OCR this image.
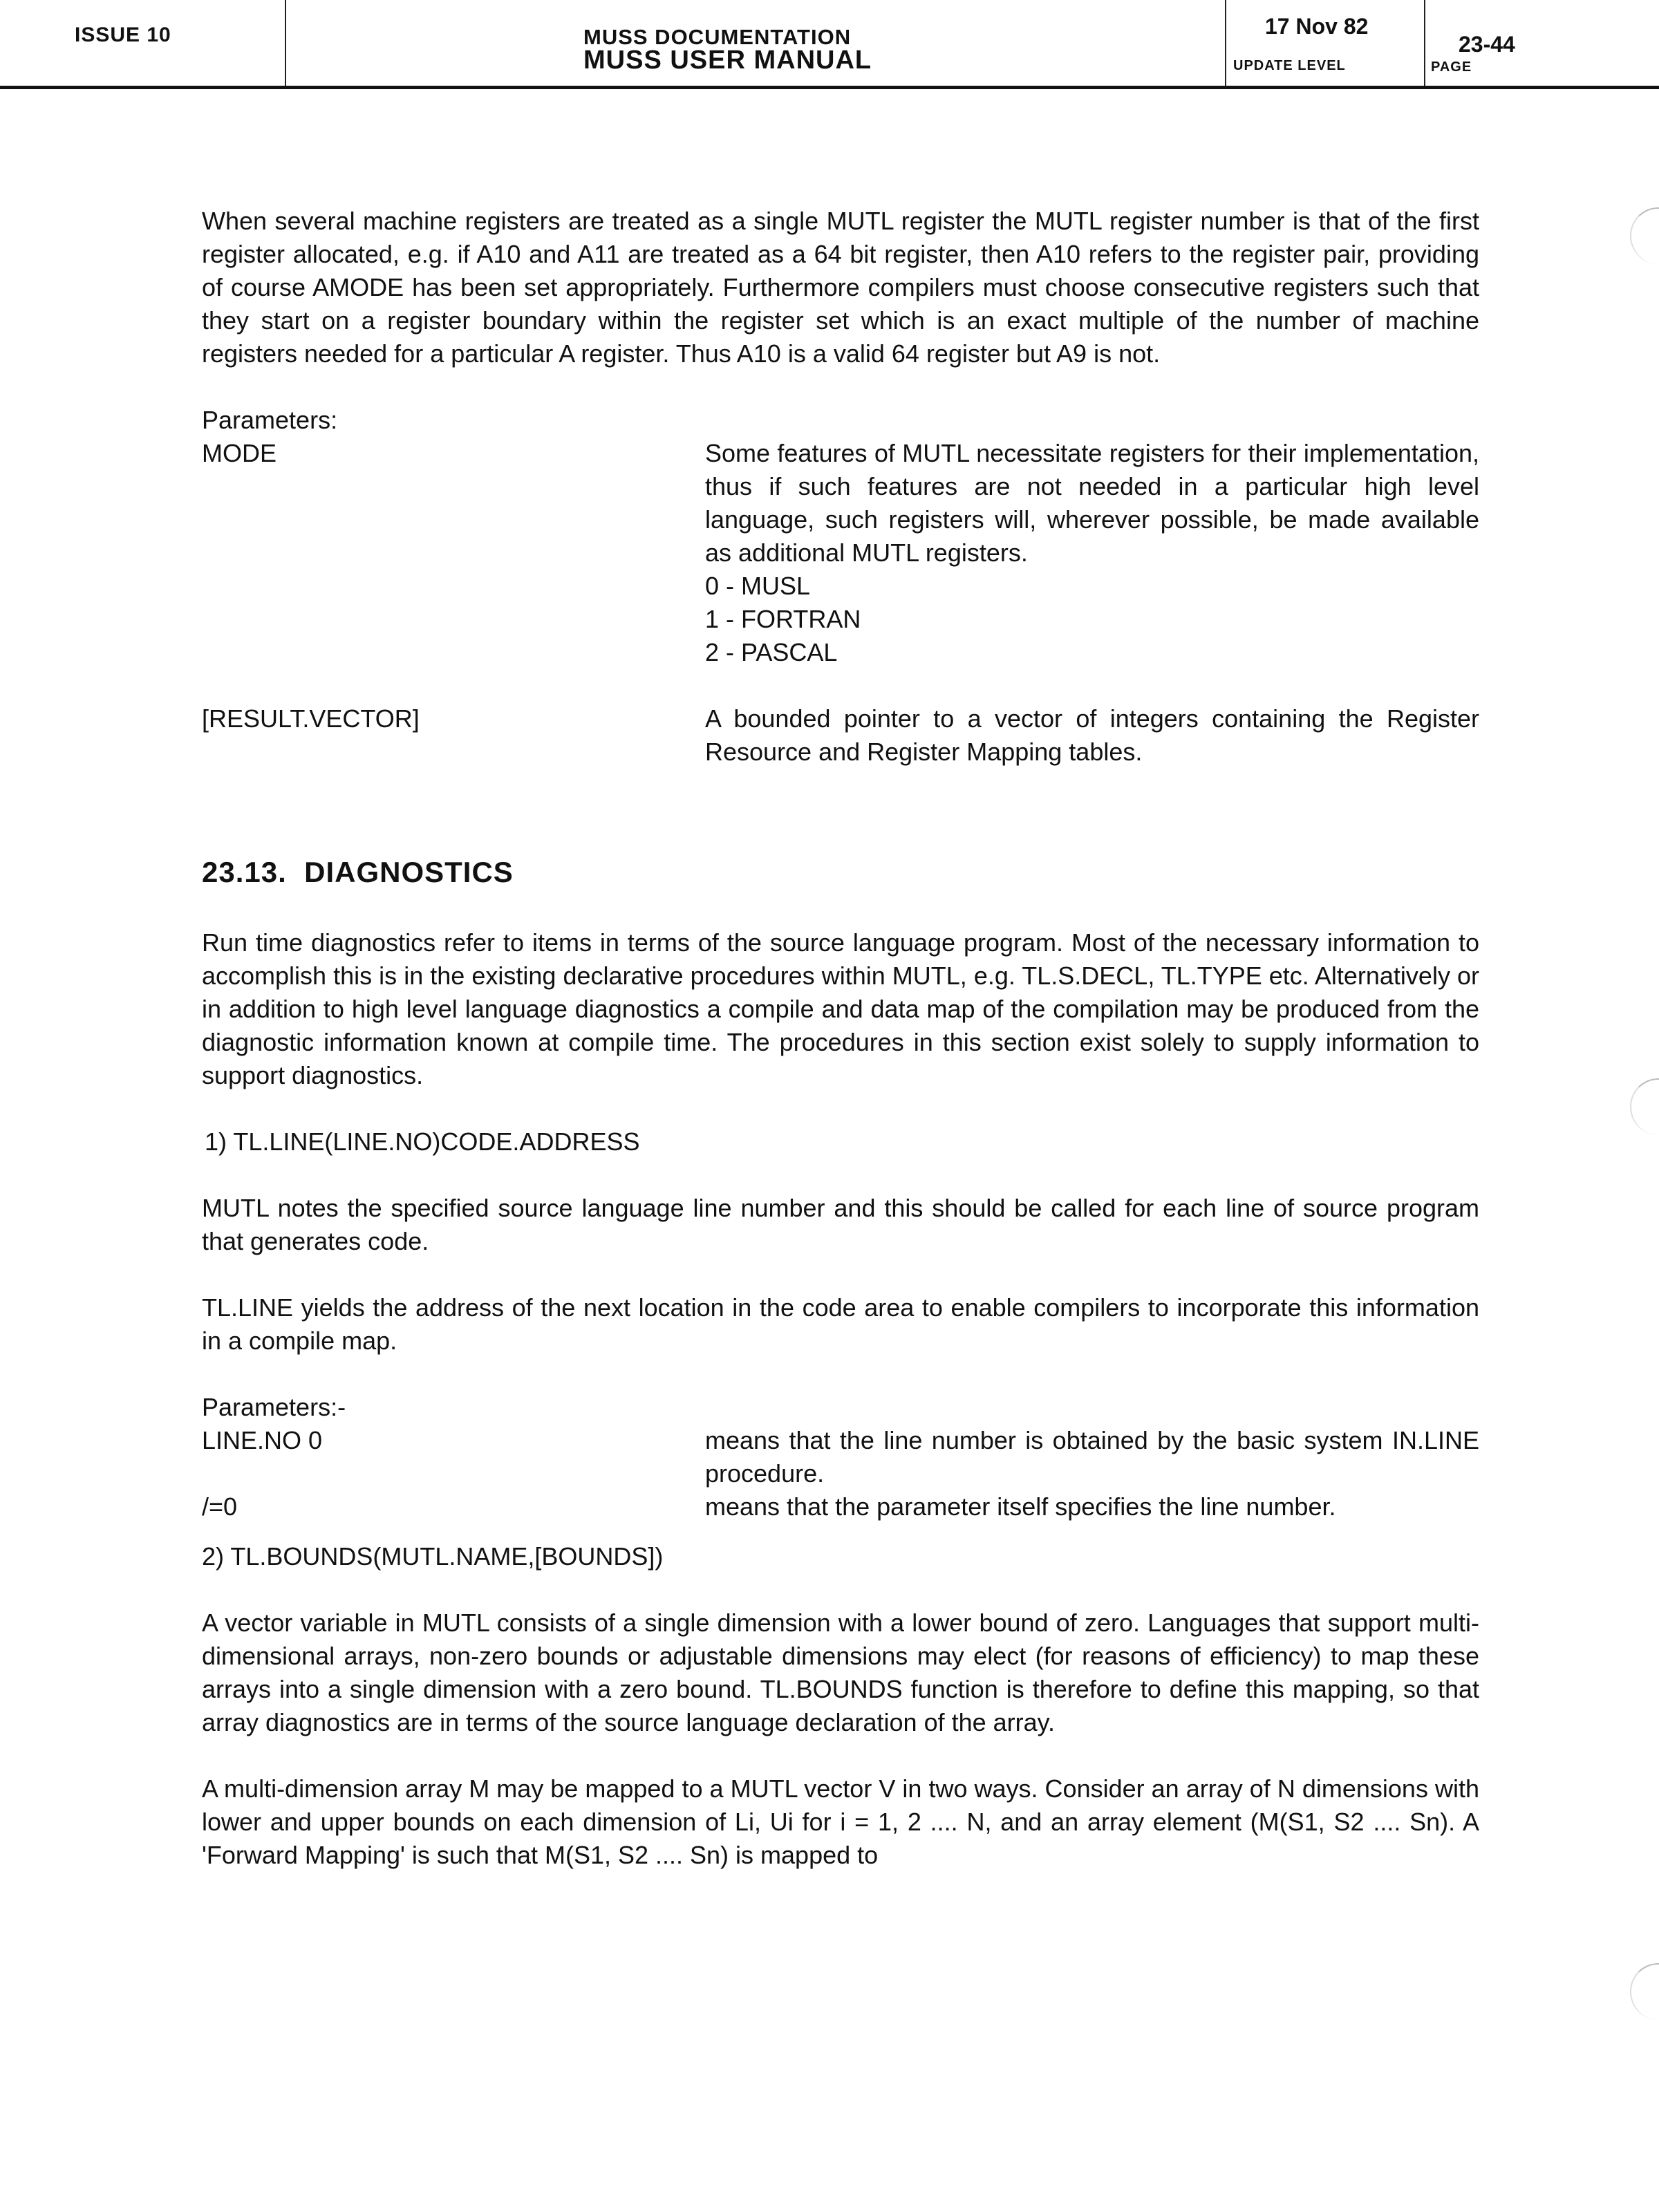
ISSUE 10	MUSS DOCUMENTATION
MUSS USER MANUAL
17 Nov 82
UPDATE LEVEL
23-44
PAGE

When several machine registers are treated as a single MUTL register the MUTL register number is that of the first register allocated, e.g. if A10 and A11 are treated as a 64 bit register, then A10 refers to the register pair, providing of course AMODE has been set appropriately. Furthermore compilers must choose consecutive registers such that they start on a register boundary within the register set which is an exact multiple of the number of machine registers needed for a particular A register. Thus A10 is a valid 64 register but A9 is not.

Parameters:

MODE	Some features of MUTL necessitate registers for their implementation, thus if such features are not needed in a particular high level language, such registers will, wherever possible, be made available as additional MUTL registers.
0 - MUSL
1 - FORTRAN
2 - PASCAL
[RESULT.VECTOR]	A bounded pointer to a vector of integers containing the Register Resource and Register Mapping tables.
23.13. DIAGNOSTICS

Run time diagnostics refer to items in terms of the source language program. Most of the necessary information to accomplish this is in the existing declarative procedures within MUTL, e.g. TL.S.DECL, TL.TYPE etc. Alternatively or in addition to high level language diagnostics a compile and data map of the compilation may be produced from the diagnostic information known at compile time. The procedures in this section exist solely to supply information to support diagnostics.

1) TL.LINE(LINE.NO)CODE.ADDRESS

MUTL notes the specified source language line number and this should be called for each line of source program that generates code.

TL.LINE yields the address of the next location in the code area to enable compilers to incorporate this information in a compile map.

Parameters:-

LINE.NO 0	means that the line number is obtained by the basic system IN.LINE procedure.
/=0	means that the parameter itself specifies the line number.

2) TL.BOUNDS(MUTL.NAME,[BOUNDS])

A vector variable in MUTL consists of a single dimension with a lower bound of zero. Languages that support multi-dimensional arrays, non-zero bounds or adjustable dimensions may elect (for reasons of efficiency) to map these arrays into a single dimension with a zero bound. TL.BOUNDS function is therefore to define this mapping, so that array diagnostics are in terms of the source language declaration of the array.

A multi-dimension array M may be mapped to a MUTL vector V in two ways. Consider an array of N dimensions with lower and upper bounds on each dimension of Li, Ui for i = 1, 2 .... N, and an array element (M(S1, S2 .... Sn). A 'Forward Mapping' is such that M(S1, S2 .... Sn) is mapped to
